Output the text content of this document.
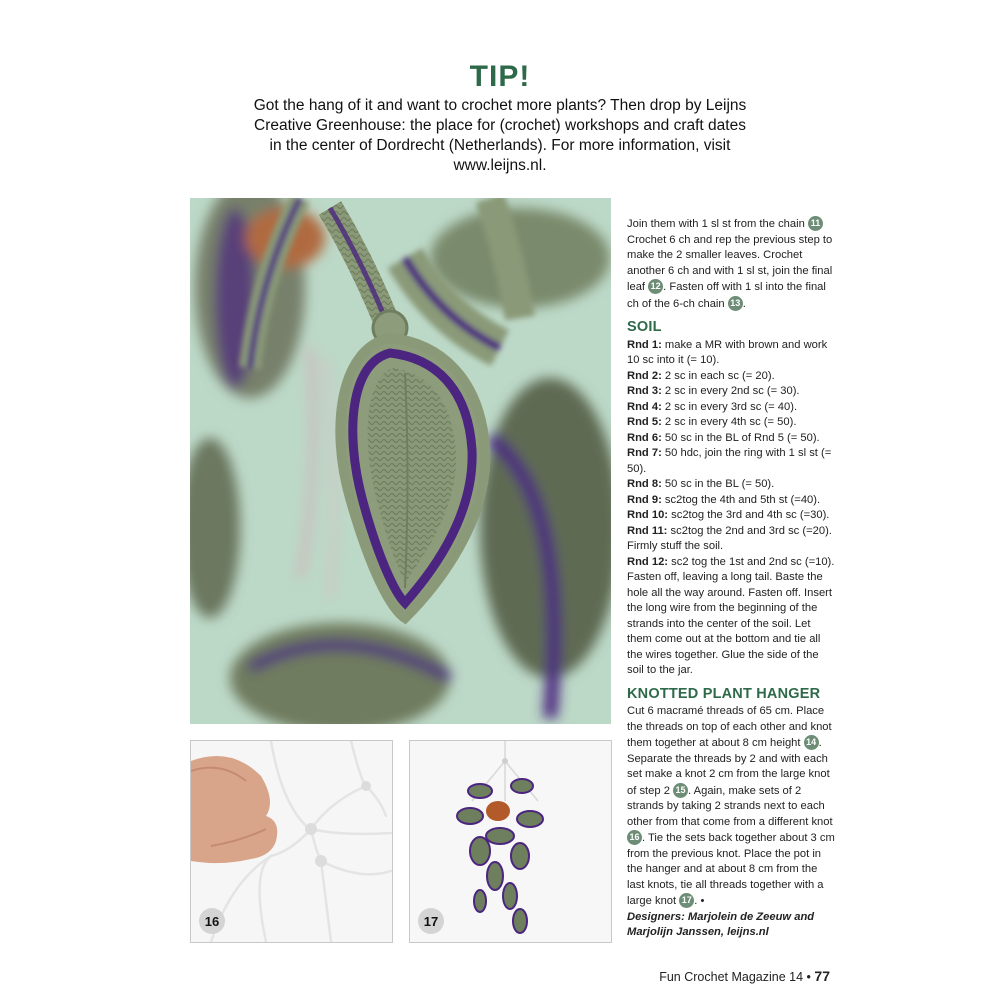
TIP!
Got the hang of it and want to crochet more plants? Then drop by Leijns Creative Greenhouse: the place for (crochet) workshops and craft dates in the center of Dordrecht (Netherlands). For more information, visit www.leijns.nl.
16	17

Join them with 1 sl st from the chain 11 Crochet 6 ch and rep the previous step to make the 2 smaller leaves. Crochet another 6 ch and with 1 sl st, join the final leaf 12 . Fasten off with 1 sl into the final ch of the 6-ch chain 13 .

SOIL

Rnd 1: make a MR with brown and work 10 sc into it (= 10).

Rnd 2: 2 sc in each sc (= 20).

Rnd 3: 2 sc in every 2nd sc (= 30).

Rnd 4: 2 sc in every 3rd sc (= 40).

Rnd 5: 2 sc in every 4th sc (= 50).

Rnd 6: 50 sc in the BL of Rnd 5 (= 50).

Rnd 7: 50 hdc, join the ring with 1 sl st (= 50).

Rnd 8: 50 sc in the BL (= 50).

Rnd 9: sc2tog the 4th and 5th st (=40).

Rnd 10: sc2tog the 3rd and 4th sc (=30).

Rnd 11: sc2tog the 2nd and 3rd sc (=20). Firmly stuff the soil.

Rnd 12: sc2 tog the 1st and 2nd sc (=10). Fasten off, leaving a long tail. Baste the hole all the way around. Fasten off. Insert the long wire from the beginning of the strands into the center of the soil. Let them come out at the bottom and tie all the wires together. Glue the side of the soil to the jar.

KNOTTED PLANT HANGER

Cut 6 macramé threads of 65 cm. Place the threads on top of each other and knot them together at about 8 cm height 14 . Separate the threads by 2 and with each set make a knot 2 cm from the large knot of step 2 15 . Again, make sets of 2 strands by taking 2 strands next to each other from that come from a different knot 16 . Tie the sets back together about 3 cm from the previous knot. Place the pot in the hanger and at about 8 cm from the last knots, tie all threads together with a large knot 17 . •

Designers: Marjolein de Zeeuw and Marjolijn Janssen, leijns.nl

Fun Crochet Magazine 14 • 77
